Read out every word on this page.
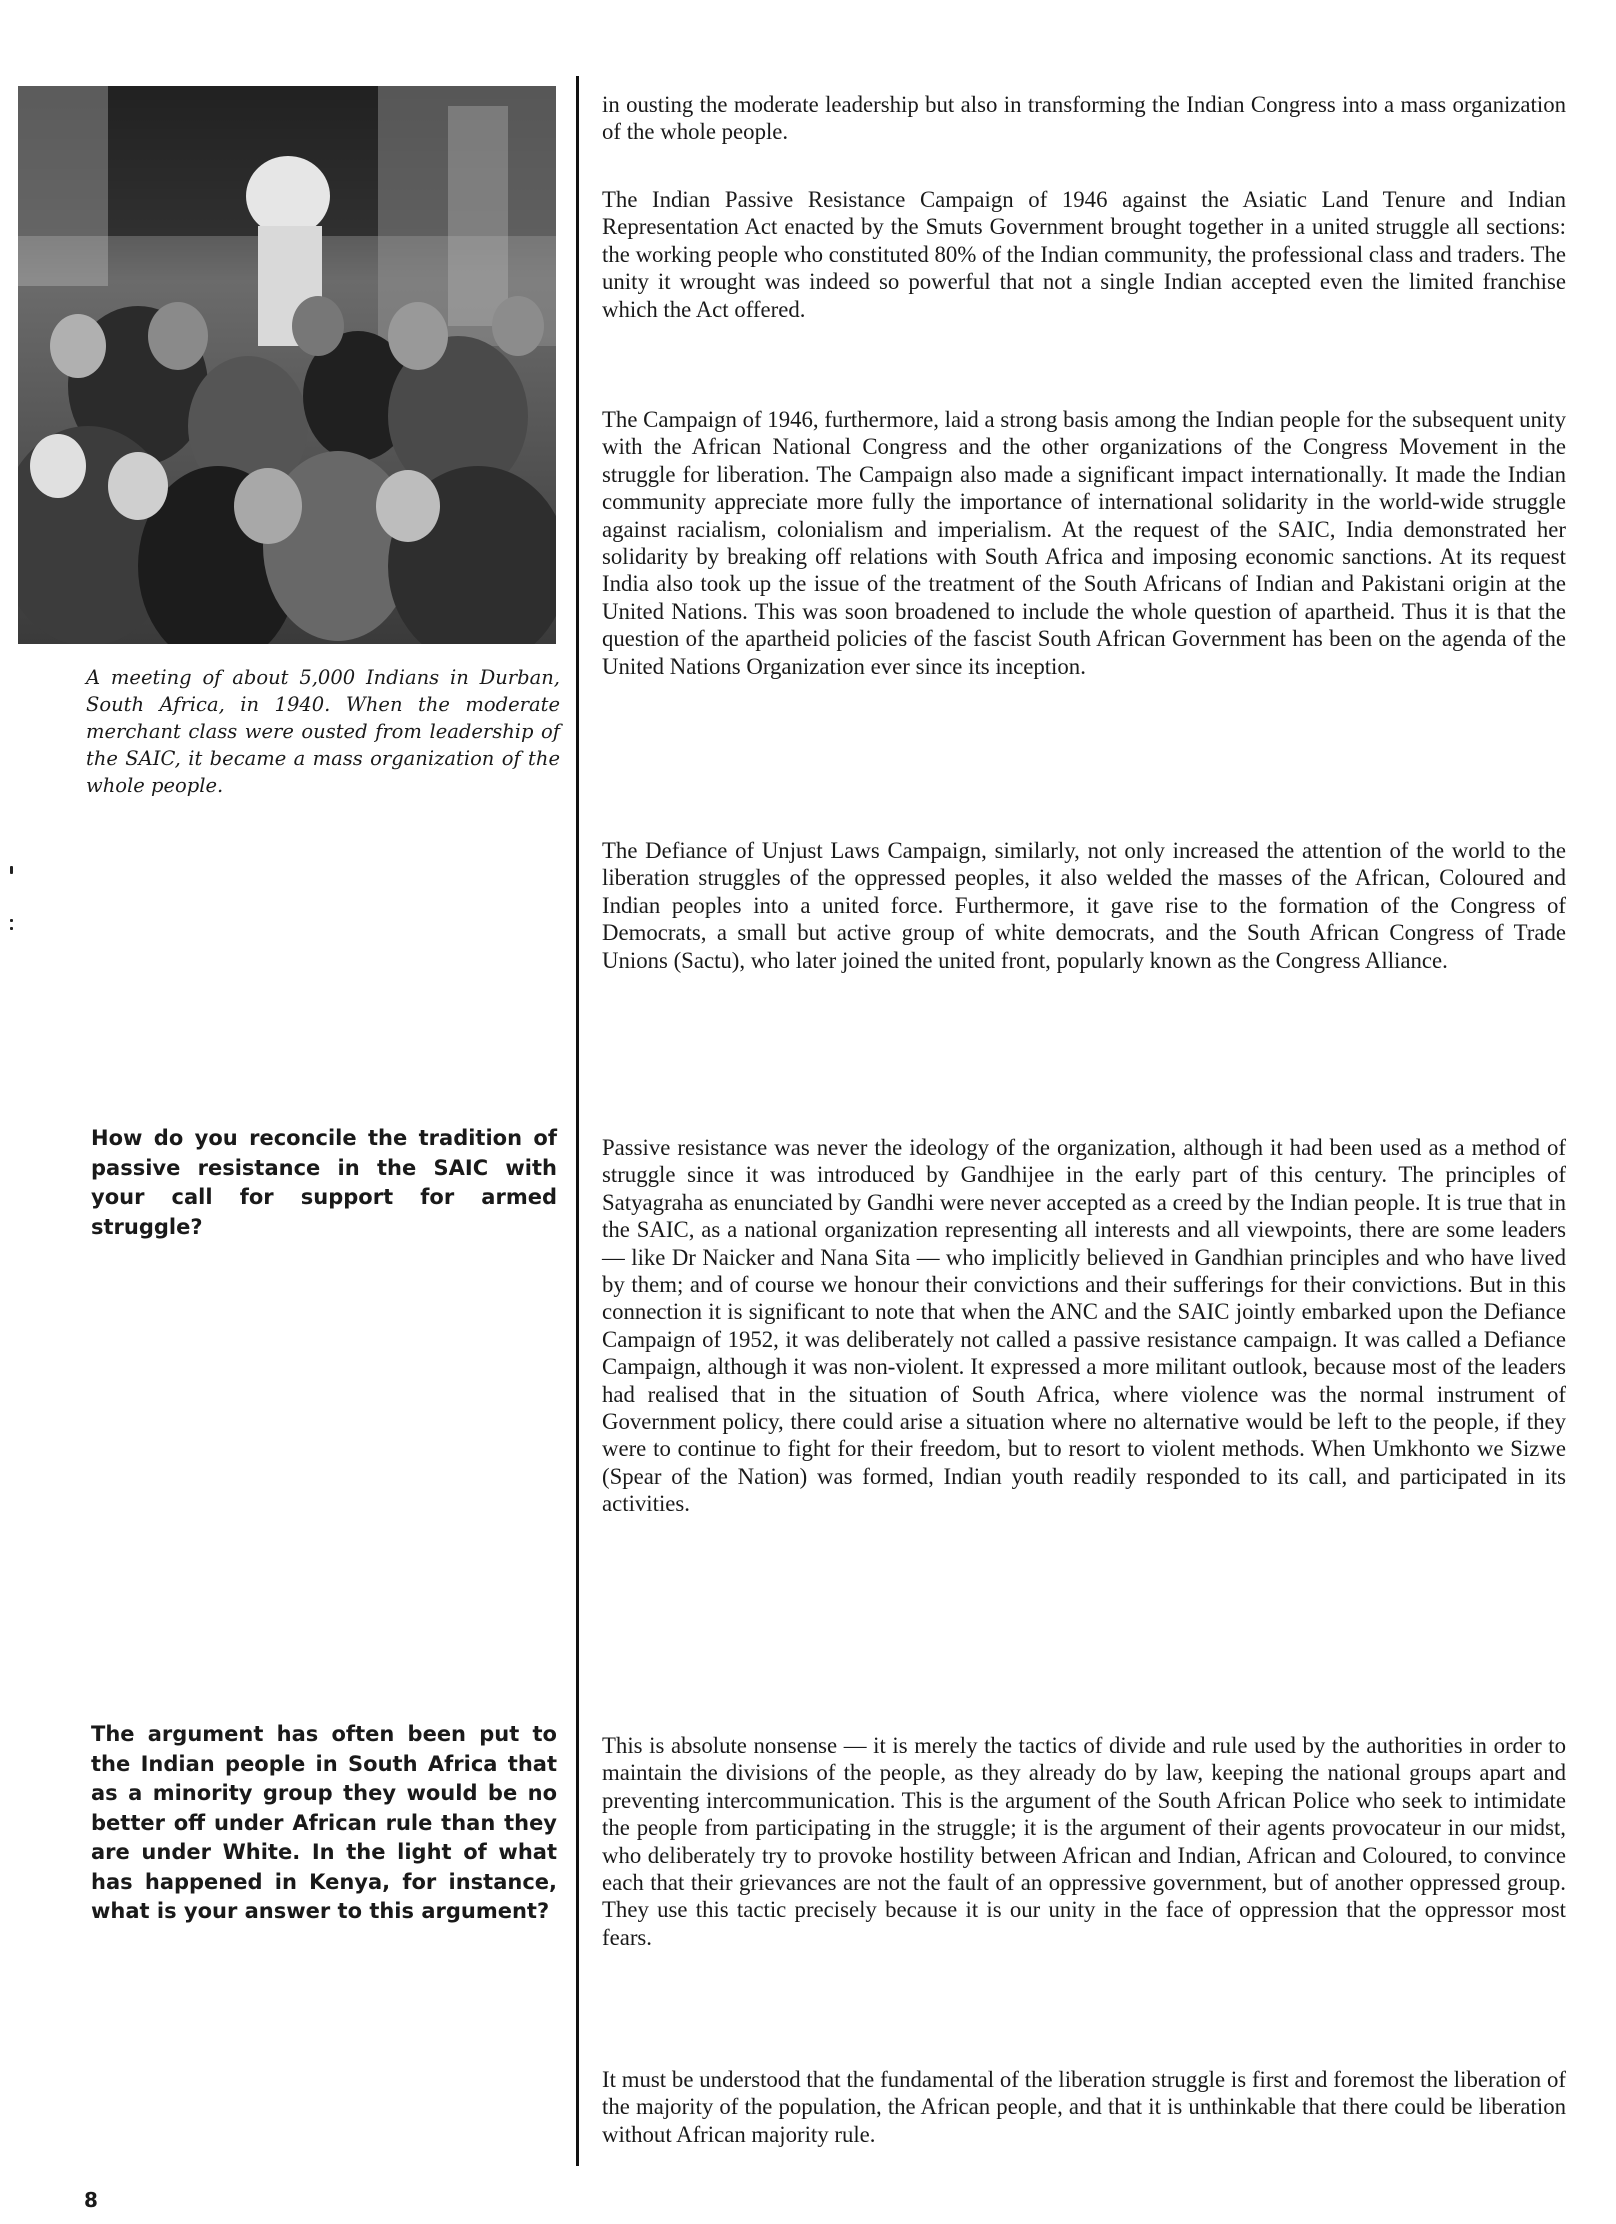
A meeting of about 5,000 Indians in Durban, South Africa, in 1940. When the moderate merchant class were ousted from leadership of the SAIC, it became a mass organization of the whole people.

How do you reconcile the tradition of passive resistance in the SAIC with your call for support for armed struggle?

The argument has often been put to the Indian people in South Africa that as a minority group they would be no better off under African rule than they are under White. In the light of what has happened in Kenya, for instance, what is your answer to this argument?

in ousting the moderate leadership but also in transforming the Indian Congress into a mass organization of the whole people.

The Indian Passive Resistance Campaign of 1946 against the Asiatic Land Tenure and Indian Representation Act enacted by the Smuts Government brought together in a united struggle all sections: the working people who constituted 80% of the Indian community, the professional class and traders. The unity it wrought was indeed so powerful that not a single Indian accepted even the limited franchise which the Act offered.

The Campaign of 1946, furthermore, laid a strong basis among the Indian people for the subsequent unity with the African National Congress and the other organizations of the Congress Movement in the struggle for liberation. The Campaign also made a significant impact internationally. It made the Indian community appreciate more fully the importance of international solidarity in the world-wide struggle against racialism, colonialism and imperialism. At the request of the SAIC, India demonstrated her solidarity by breaking off relations with South Africa and imposing economic sanctions. At its request India also took up the issue of the treatment of the South Africans of Indian and Pakistani origin at the United Nations. This was soon broadened to include the whole question of apartheid. Thus it is that the question of the apartheid policies of the fascist South African Government has been on the agenda of the United Nations Organization ever since its inception.

The Defiance of Unjust Laws Campaign, similarly, not only increased the attention of the world to the liberation struggles of the oppressed peoples, it also welded the masses of the African, Coloured and Indian peoples into a united force. Furthermore, it gave rise to the formation of the Congress of Democrats, a small but active group of white democrats, and the South African Congress of Trade Unions (Sactu), who later joined the united front, popularly known as the Congress Alliance.

Passive resistance was never the ideology of the organization, although it had been used as a method of struggle since it was introduced by Gandhijee in the early part of this century. The principles of Satyagraha as enunciated by Gandhi were never accepted as a creed by the Indian people. It is true that in the SAIC, as a national organization representing all interests and all viewpoints, there are some leaders — like Dr Naicker and Nana Sita — who implicitly believed in Gandhian principles and who have lived by them; and of course we honour their convictions and their sufferings for their convictions. But in this connection it is significant to note that when the ANC and the SAIC jointly embarked upon the Defiance Campaign of 1952, it was deliberately not called a passive resistance campaign. It was called a Defiance Campaign, although it was non-violent. It expressed a more militant outlook, because most of the leaders had realised that in the situation of South Africa, where violence was the normal instrument of Government policy, there could arise a situation where no alternative would be left to the people, if they were to continue to fight for their freedom, but to resort to violent methods. When Umkhonto we Sizwe (Spear of the Nation) was formed, Indian youth readily responded to its call, and participated in its activities.

This is absolute nonsense — it is merely the tactics of divide and rule used by the authorities in order to maintain the divisions of the people, as they already do by law, keeping the national groups apart and preventing intercommunication. This is the argument of the South African Police who seek to intimidate the people from participating in the struggle; it is the argument of their agents provocateur in our midst, who deliberately try to provoke hostility between African and Indian, African and Coloured, to convince each that their grievances are not the fault of an oppressive government, but of another oppressed group. They use this tactic precisely because it is our unity in the face of oppression that the oppressor most fears.

It must be understood that the fundamental of the liberation struggle is first and foremost the liberation of the majority of the population, the African people, and that it is unthinkable that there could be liberation without African majority rule.

8
